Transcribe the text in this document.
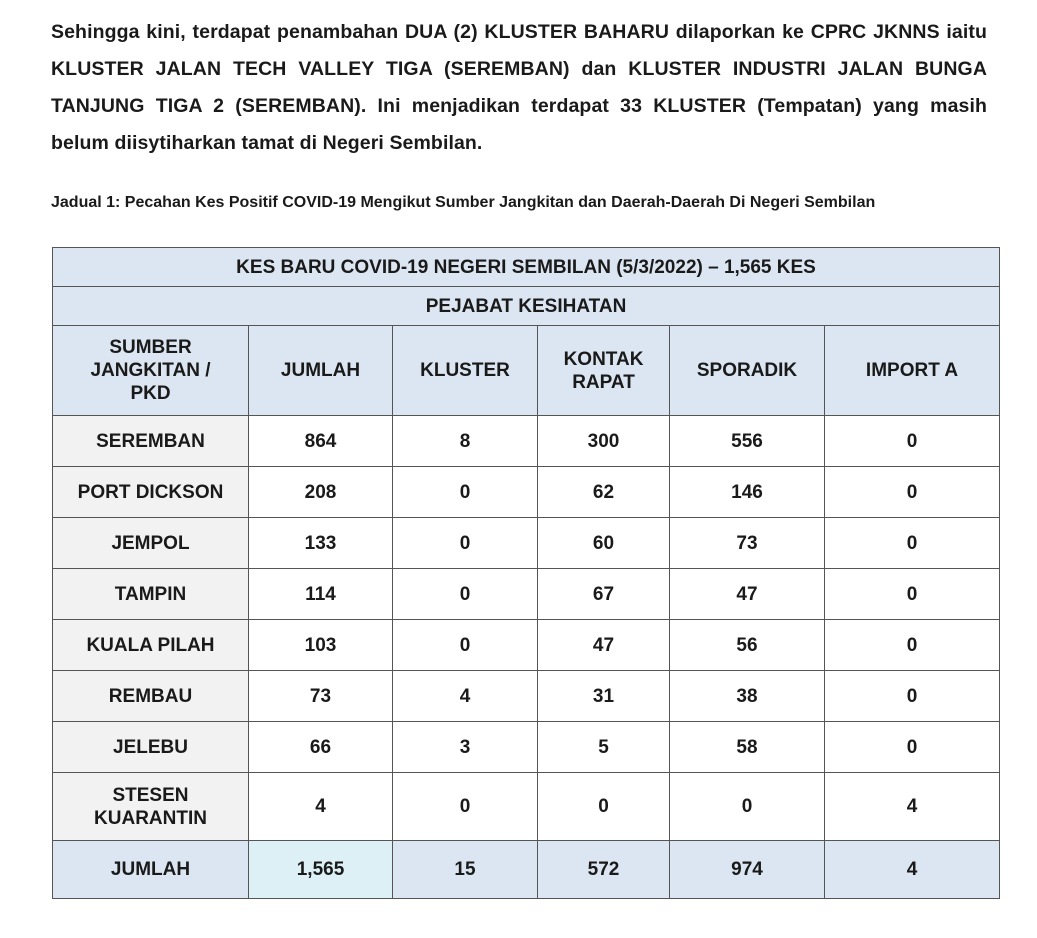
Sehingga kini, terdapat penambahan DUA (2) KLUSTER BAHARU dilaporkan ke CPRC JKNNS iaitu KLUSTER JALAN TECH VALLEY TIGA (SEREMBAN) dan KLUSTER INDUSTRI JALAN BUNGA TANJUNG TIGA 2 (SEREMBAN). Ini menjadikan terdapat 33 KLUSTER (Tempatan) yang masih belum diisytiharkan tamat di Negeri Sembilan.
Jadual 1: Pecahan Kes Positif COVID-19 Mengikut Sumber Jangkitan dan Daerah-Daerah Di Negeri Sembilan
KES BARU COVID-19 NEGERI SEMBILAN (5/3/2022) – 1,565 KES					
PEJABAT KESIHATAN					
SUMBER JANGKITAN / PKD	JUMLAH	KLUSTER	KONTAK RAPAT	SPORADIK	IMPORT A
SEREMBAN	864	8	300	556	0
PORT DICKSON	208	0	62	146	0
JEMPOL	133	0	60	73	0
TAMPIN	114	0	67	47	0
KUALA PILAH	103	0	47	56	0
REMBAU	73	4	31	38	0
JELEBU	66	3	5	58	0
STESEN KUARANTIN	4	0	0	0	4
JUMLAH	1,565	15	572	974	4
